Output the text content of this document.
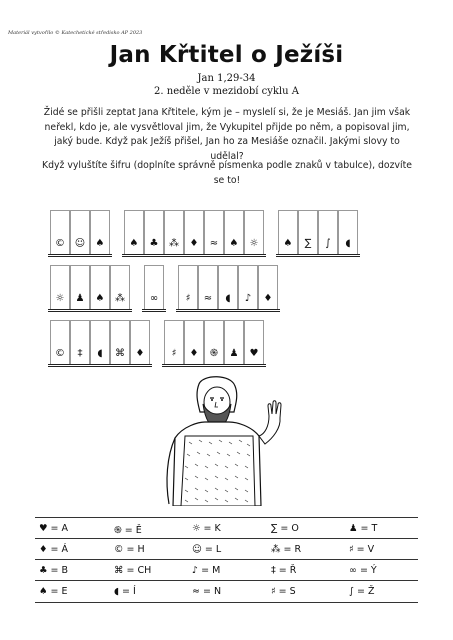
Materiál vytvořilo © Katechetické středisko AP 2023
Jan Křtitel o Ježíši
Jan 1,29-34
2. neděle v mezidobí cyklu A
Židé se přišli zeptat Jana Křtitele, kým je – myslelí si, že je Mesiáš. Jan jim však neřekl, kdo je, ale vysvětloval jim, že Vykupitel přijde po něm, a popisoval jim, jaký bude. Když pak Ježíš přišel, Jan ho za Mesiáše označil. Jakými slovy to udělal?
Když vyluštíte šifru (doplníte správně písmenka podle znaků v tabulce), dozvíte se to!
© ☺	♠	♠	♣	⁂	♦	≈	♠	☼	♠	∑	∫	◖
☼	♟	♠	⁂	∞	♯	≈	◖	♪	♦
©	‡	◖	⌘	♦	♯	♦	֍	♟	♥
♥ = A	֍ = Ě	☼ = K	∑ = O	♟ = T
♦ = Á	© = H	☺ = L	⁂ = R	♯ = V
♣ = B	⌘ = CH	♪ = M	‡ = Ř	∞ = Ý
♠ = E	◖ = Í	≈ = N	♯ = S	∫ = Ž
